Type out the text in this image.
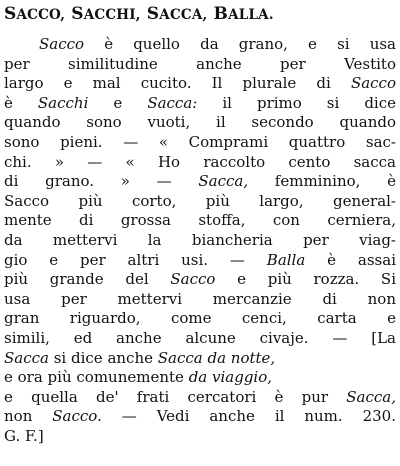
SACCO, SACCHI, SACCA, BALLA.
Sacco è quello da grano, e si usa
per similitudine anche per Vestito
largo e mal cucito. Il plurale di Sacco
è Sacchi e Sacca: il primo si dice
quando sono vuoti, il secondo quando
sono pieni. — « Comprami quattro sac-
chi. » — « Ho raccolto cento sacca
di grano. » — Sacca, femminino, è
Sacco più corto, più largo, general-
mente di grossa stoffa, con cerniera,
da mettervi la biancheria per viag-
gio e per altri usi. — Balla è assai
più grande del Sacco e più rozza. Si
usa per mettervi mercanzie di non
gran riguardo, come cenci, carta e
simili, ed anche alcune civaje. — [La
Sacca si dice anche Sacca da notte,
e ora più comunemente da viaggio,
e quella de' frati cercatori è pur Sacca,
non Sacco. — Vedi anche il num. 230.
G. F.]
